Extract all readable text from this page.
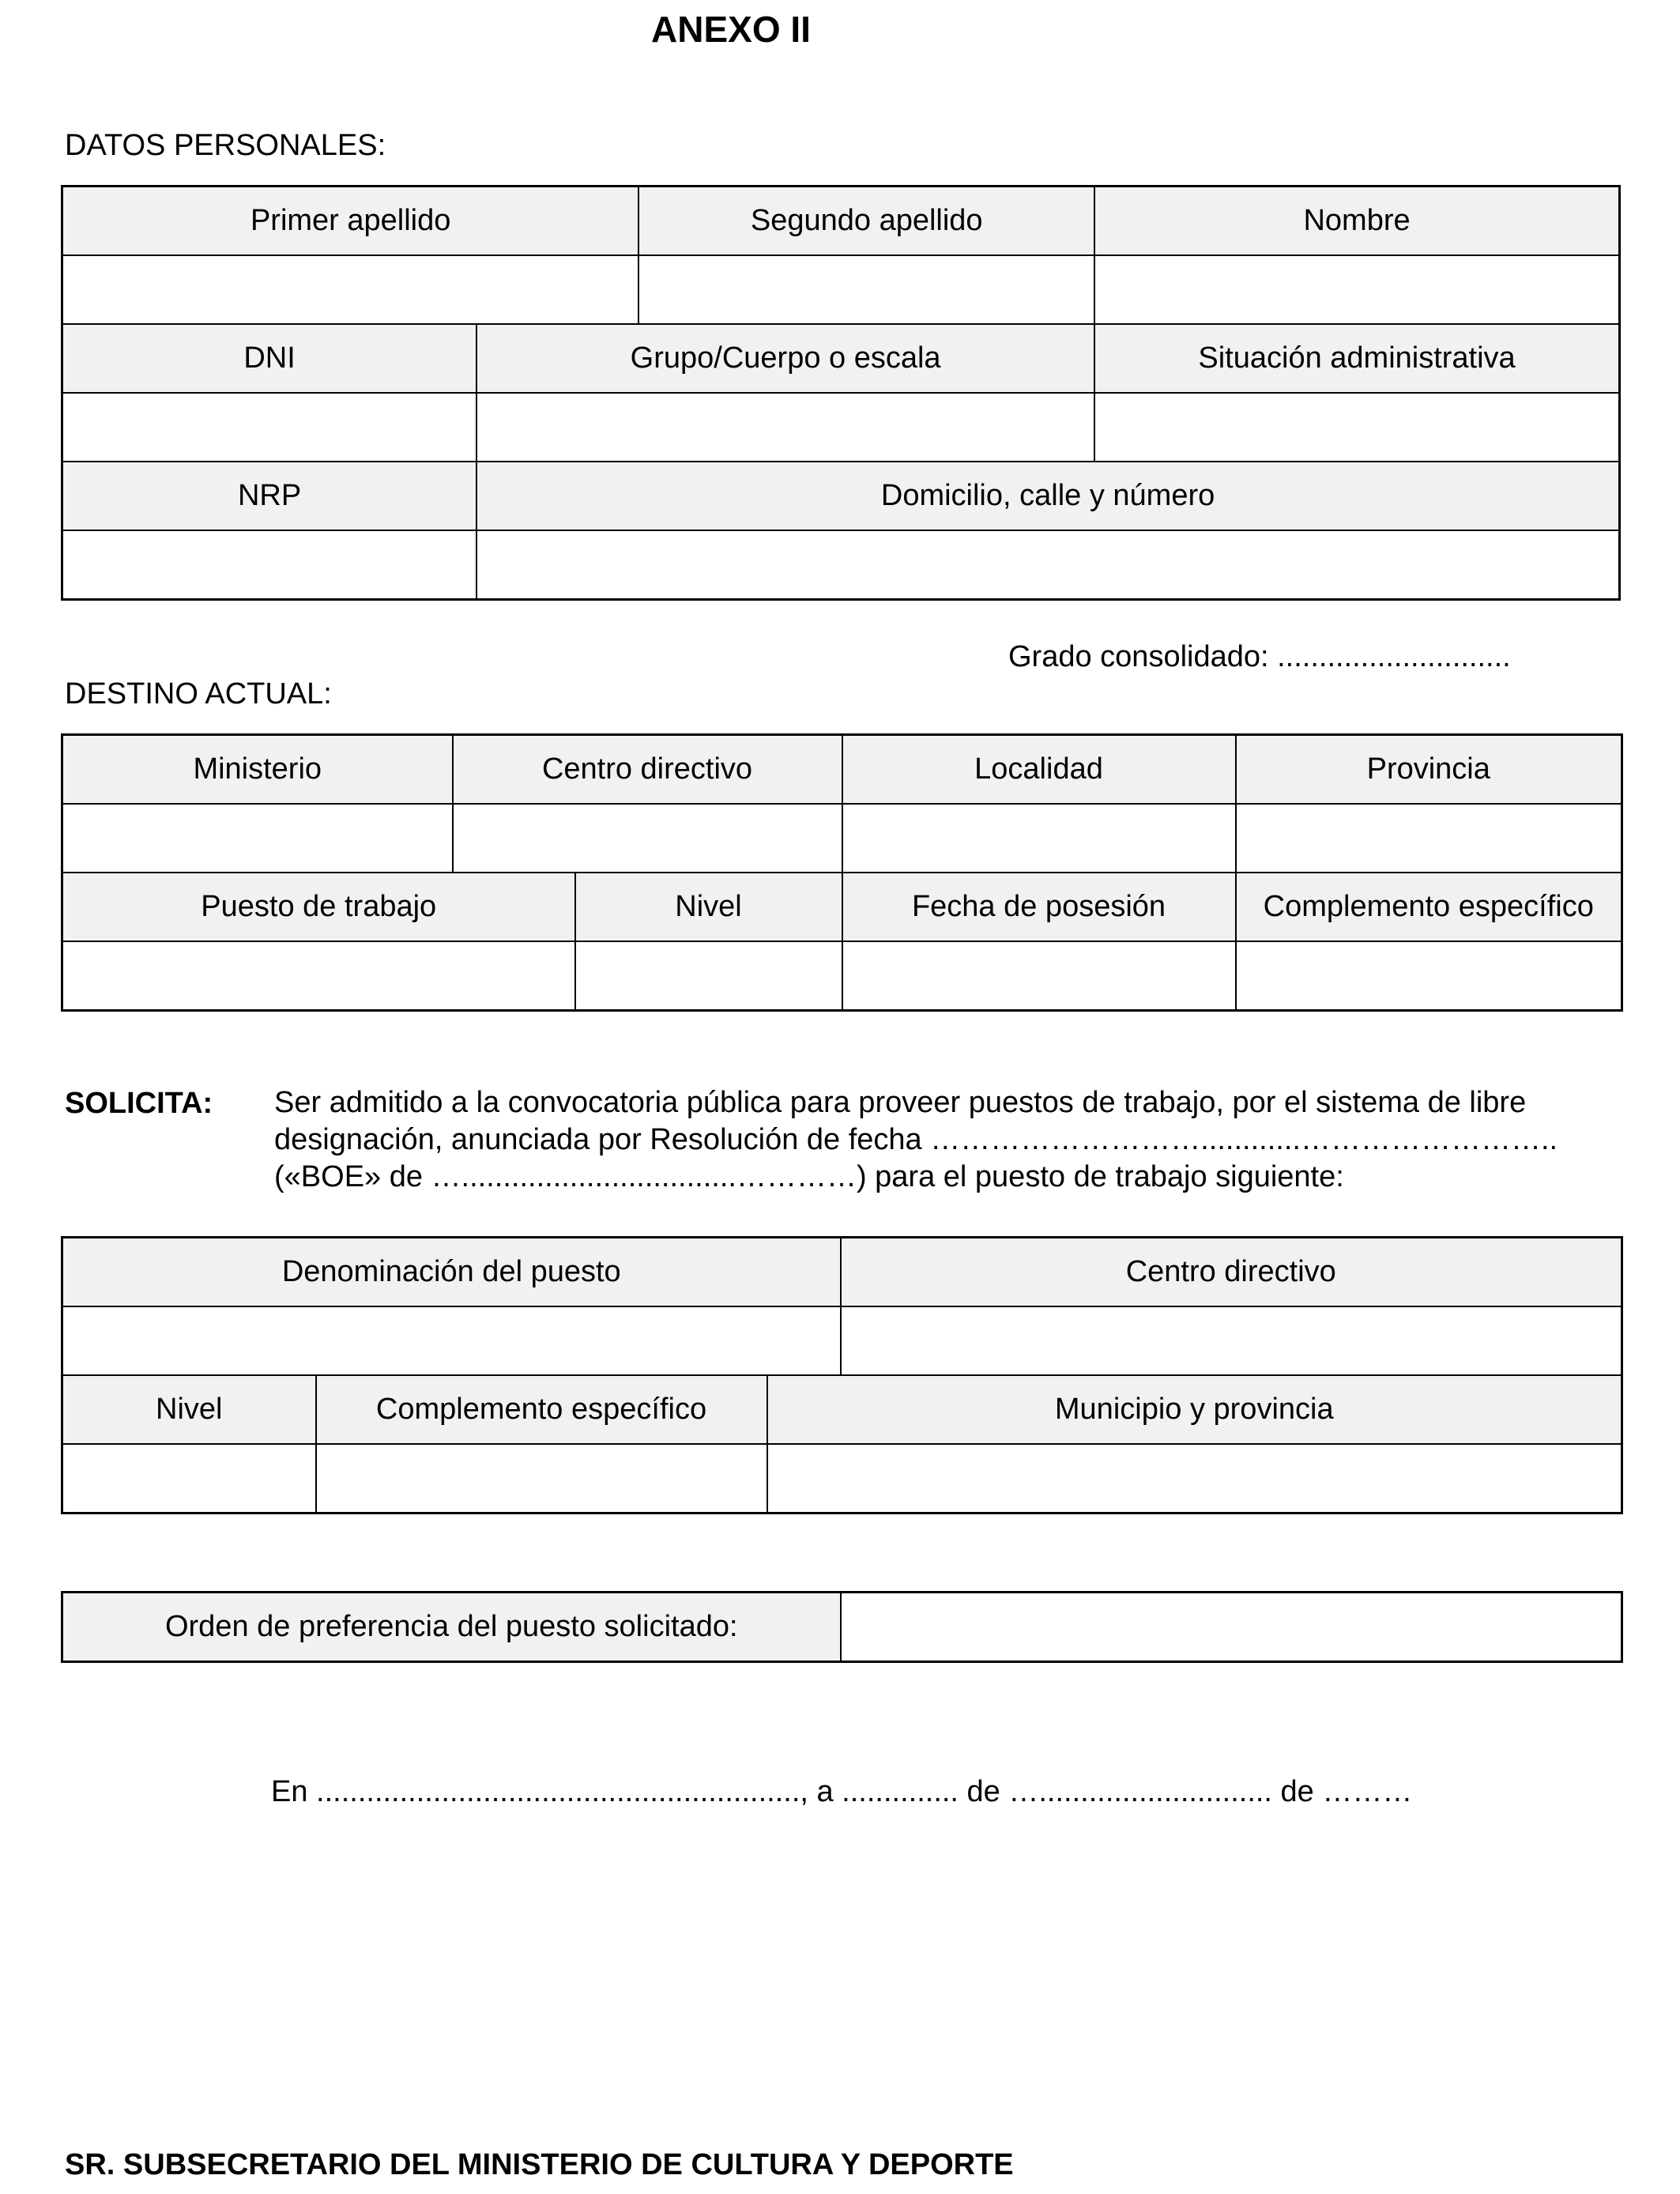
ANEXO II
DATOS PERSONALES:
Primer apellido		Segundo apellido	Nombre

DNI	Grupo/Cuerpo o escala		Situación administrativa

NRP	Domicilio, calle y número		

Grado consolidado: ............................
DESTINO ACTUAL:
Ministerio	Centro directivo		Localidad	Provincia

Puesto de trabajo		Nivel	Fecha de posesión	Complemento específico

SOLICITA: Ser admitido a la convocatoria pública para proveer puestos de trabajo, por el sistema de libre
designación, anunciada por Resolución de fecha ………………………............……………………..
(«BOE» de ….................................…………) para el puesto de trabajo siguiente:
Denominación del puesto			Centro directivo

Nivel	Complemento específico	Municipio y provincia	

Orden de preferencia del puesto solicitado:	
En .........................................................., a .............. de …............................ de ………
SR. SUBSECRETARIO DEL MINISTERIO DE CULTURA Y DEPORTE
